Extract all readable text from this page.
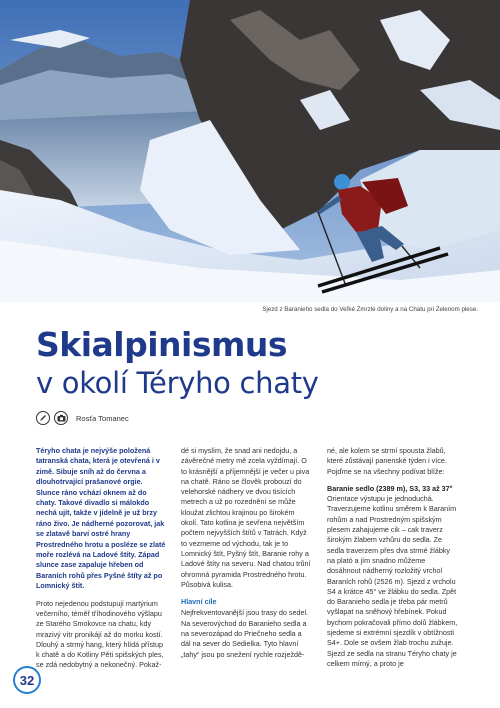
Sjezd z Baranieho sedla do Veľké Zmrzlé doliny a na Chatu pri Zelenom plese.
Skialpinismus
v okolí Téryho chaty
Rosťa Tomanec

Téryho chata je nejvýše položená tatranská chata, která je otevřená i v zimě. Sibuje sníh až do června a dlouhotrvající prašanové orgie. Slunce ráno vchází oknem až do chaty. Takové divadlo si málokdo nechá ujít, takže v jídelně je už brzy ráno živo. Je nádherné pozorovat, jak se zlatavě barví ostré hrany Prostredného hrotu a posléze se zlaté moře rozlévá na Ladové štíty. Západ slunce zase zapaluje hřeben od Baraních rohů přes Pyšné štíty až po Lomnický štít.

Proto nejedenou podstupují martýrium večerního, téměř tříhodinového výšlapu ze Starého Smokovce na chatu, kdy mrazivý vítr pronikájí až do morku kostí. Dlouhý a strmý hang, který hlídá přístup k chatě a do Kotliny Pěti spišských ples, se zdá nedobytný a nekonečný. Pokaž-

dé si myslím, že snad ani nedojdu, a závěrečné metry mě zcela vyždímají. O to krásnější a příjemnější je večer u piva na chatě. Ráno se člověk probouzí do velehorské nádhery ve dvou tisících metrech a už po rozednění se může kloužat zlichtou krajinou po širokém okolí. Tato kotlina je sevřena největším počtem nejvyšších štítů v Tatrách. Když to vezmeme od východu, tak je to Lomnický štít, Pyšný štít, Baranie rohy a Ladové štíty na severu. Nad chatou trůní ohromná pyramida Prostredného hrotu. Působivá kulisa.

Hlavní cíle

Nejfrekventovanější jsou trasy do sedel. Na severovýchod do Baranieho sedla a na severozápad do Priečneho sedla a dál na sever do Sedielka. Tyto hlavní „tahy“ jsou po snežení rychle rozježdě-

né, ale kolem se strmí spousta žlabů, které zůstávají panenské týden i více. Pojďme se na všechny podívat blíže:

Baranie sedlo (2389 m), S3, 33 až 37°

Orientace výstupu je jednoduchá. Traverzujeme kotlinu směrem k Baraním rohům a nad Prostredným spišským plesem zahajujeme cik – cak traverz širokým žlabem vzhůru do sedla. Ze sedla traverzem přes dva strmé žlábky na plató a jím snadno můžeme dosáhnout nádherný rozložitý vrchol Baraních rohů (2526 m). Sjezd z vrcholu S4 a krátce 45° ve žlábku do sedla. Zpět do Baranieho sedla je třeba pár metrů vyšlapat na sněhový hřebínek. Pokud bychom pokračovali přímo dolů žlábkem, sjedeme si extrémní sjezdík v obtížnosti S4+. Dole se ovšem žlab trochu zužuje. Sjezd ze sedla na stranu Téryho chaty je celkem mírný, a proto je

32
